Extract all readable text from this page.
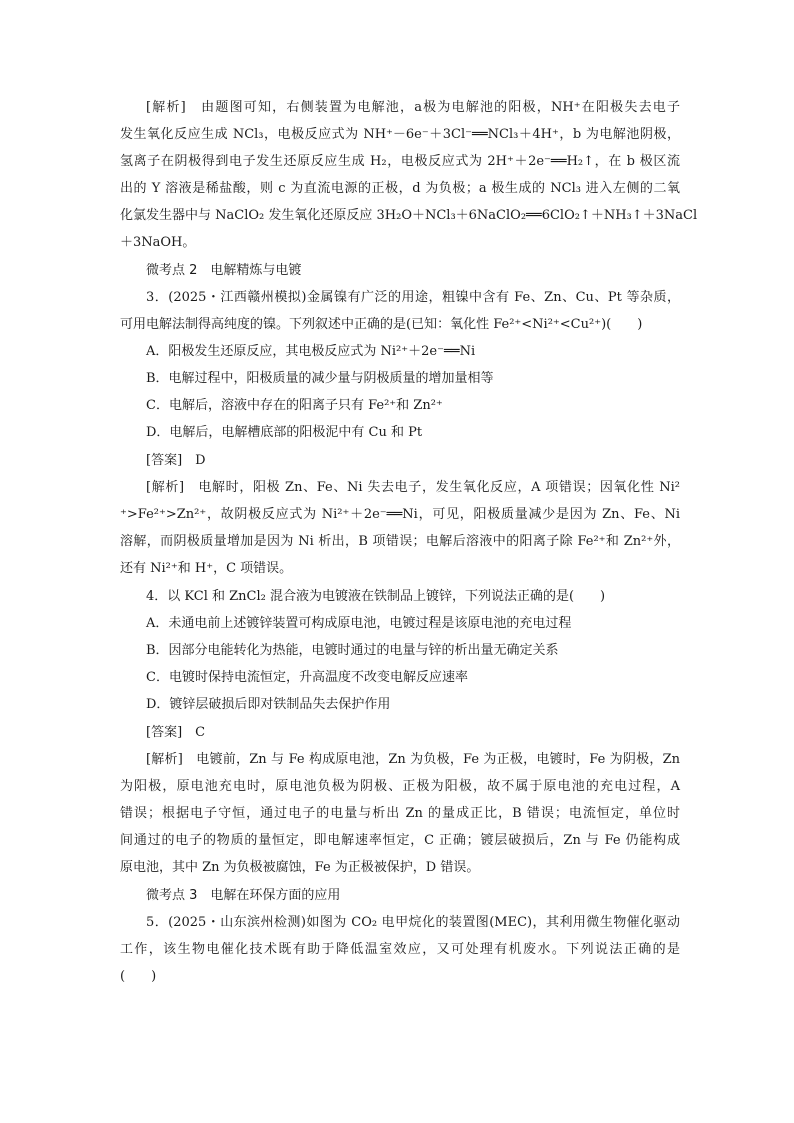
[解析]　由题图可知，右侧装置为电解池，a极为电解池的阳极，NH⁺在阳极失去电子
发生氧化反应生成 NCl₃，电极反应式为 NH⁺－6e⁻＋3Cl⁻══NCl₃＋4H⁺，b 为电解池阴极，
氢离子在阴极得到电子发生还原反应生成 H₂，电极反应式为 2H⁺＋2e⁻══H₂↑，在 b 极区流
出的 Y 溶液是稀盐酸，则 c 为直流电源的正极，d 为负极；a 极生成的 NCl₃ 进入左侧的二氧
化氯发生器中与 NaClO₂ 发生氧化还原反应 3H₂O＋NCl₃＋6NaClO₂══6ClO₂↑＋NH₃↑＋3NaCl
＋3NaOH。
微考点 2　电解精炼与电镀
3．(2025・江西赣州模拟)金属镍有广泛的用途，粗镍中含有 Fe、Zn、Cu、Pt 等杂质，
可用电解法制得高纯度的镍。下列叙述中正确的是(已知：氧化性 Fe²⁺<Ni²⁺<Cu²⁺)(　　)
A．阳极发生还原反应，其电极反应式为 Ni²⁺＋2e⁻══Ni
B．电解过程中，阳极质量的减少量与阴极质量的增加量相等
C．电解后，溶液中存在的阳离子只有 Fe²⁺和 Zn²⁺
D．电解后，电解槽底部的阳极泥中有 Cu 和 Pt
[答案]　D
[解析]　电解时，阳极 Zn、Fe、Ni 失去电子，发生氧化反应，A 项错误；因氧化性 Ni²
⁺>Fe²⁺>Zn²⁺，故阴极反应式为 Ni²⁺＋2e⁻══Ni，可见，阳极质量减少是因为 Zn、Fe、Ni
溶解，而阴极质量增加是因为 Ni 析出，B 项错误；电解后溶液中的阳离子除 Fe²⁺和 Zn²⁺外，
还有 Ni²⁺和 H⁺，C 项错误。
4．以 KCl 和 ZnCl₂ 混合液为电镀液在铁制品上镀锌，下列说法正确的是(　　)
A．未通电前上述镀锌装置可构成原电池，电镀过程是该原电池的充电过程
B．因部分电能转化为热能，电镀时通过的电量与锌的析出量无确定关系
C．电镀时保持电流恒定，升高温度不改变电解反应速率
D．镀锌层破损后即对铁制品失去保护作用
[答案]　C
[解析]　电镀前，Zn 与 Fe 构成原电池，Zn 为负极，Fe 为正极，电镀时，Fe 为阴极，Zn
为阳极，原电池充电时，原电池负极为阴极、正极为阳极，故不属于原电池的充电过程，A
错误；根据电子守恒，通过电子的电量与析出 Zn 的量成正比，B 错误；电流恒定，单位时
间通过的电子的物质的量恒定，即电解速率恒定，C 正确；镀层破损后，Zn 与 Fe 仍能构成
原电池，其中 Zn 为负极被腐蚀，Fe 为正极被保护，D 错误。
微考点 3　电解在环保方面的应用
5．(2025・山东滨州检测)如图为 CO₂ 电甲烷化的装置图(MEC)，其利用微生物催化驱动
工作，该生物电催化技术既有助于降低温室效应，又可处理有机废水。下列说法正确的是
(　　)
